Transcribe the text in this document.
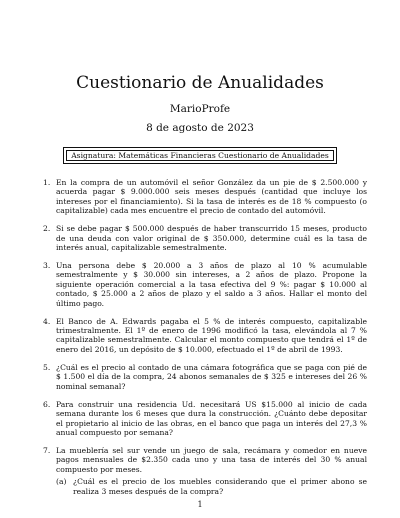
Cuestionario de Anualidades
MarioProfe
8 de agosto de 2023
Asignatura: Matemáticas Financieras Cuestionario de Anualidades
1. En la compra de un automóvil el señor González da un pie de $ 2.500.000 y acuerda pagar $ 9.000.000 seis meses después (cantidad que incluye los intereses por el financiamiento). Si la tasa de interés es de 18 % compuesto (o capitalizable) cada mes encuentre el precio de contado del automóvil.
2. Si se debe pagar $ 500.000 después de haber transcurrido 15 meses, producto de una deuda con valor original de $ 350.000, determine cuál es la tasa de interés anual, capitalizable semestralmente.
3. Una persona debe $ 20.000 a 3 años de plazo al 10 % acumulable semestralmente y $ 30.000 sin intereses, a 2 años de plazo. Propone la siguiente operación comercial a la tasa efectiva del 9 %: pagar $ 10.000 al contado, $ 25.000 a 2 años de plazo y el saldo a 3 años. Hallar el monto del último pago.
4. El Banco de A. Edwards pagaba el 5 % de interés compuesto, capitalizable trimestralmente. El 1º de enero de 1996 modificó la tasa, elevándola al 7 % capitalizable semestralmente. Calcular el monto compuesto que tendrá el 1º de enero del 2016, un depósito de $ 10.000, efectuado el 1º de abril de 1993.
5. ¿Cuál es el precio al contado de una cámara fotográfica que se paga con pié de $ 1.500 el día de la compra, 24 abonos semanales de $ 325 e intereses del 26 % nominal semanal?
6. Para construir una residencia Ud. necesitará US $15.000 al inicio de cada semana durante los 6 meses que dura la construcción. ¿Cuánto debe depositar el propietario al inicio de las obras, en el banco que paga un interés del 27,3 % anual compuesto por semana?
7. La mueblería sel sur vende un juego de sala, recámara y comedor en nueve pagos mensuales de $2.350 cada uno y una tasa de interés del 30 % anual compuesto por meses.
(a) ¿Cuál es el precio de los muebles considerando que el primer abono se realiza 3 meses después de la compra?
1
